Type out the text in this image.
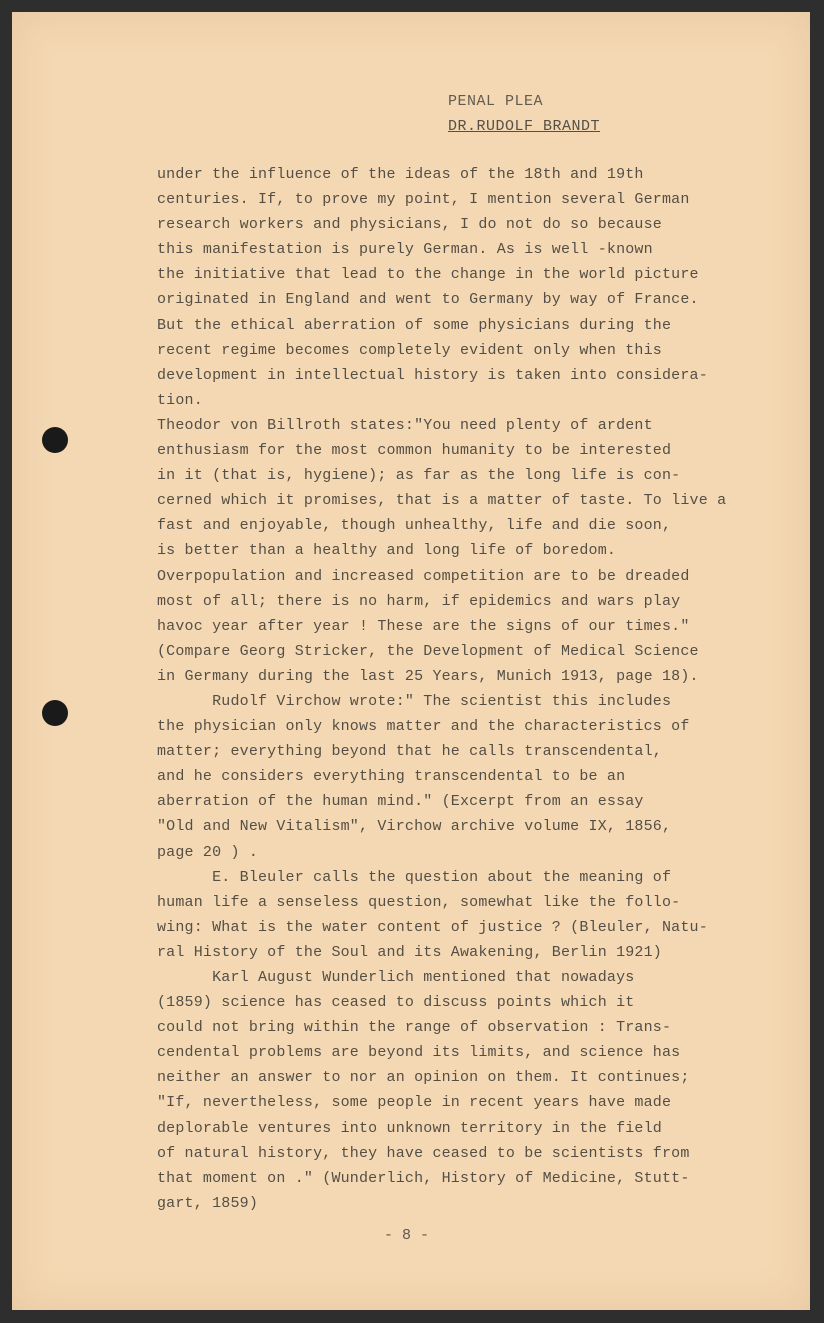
PENAL PLEA
DR.RUDOLF BRANDT
under the influence of the ideas of the 18th and 19th
centuries. If, to prove my point, I mention several German
research workers and physicians, I do not do so because
this manifestation is purely German. As is well -known
the initiative that lead to the change in the world picture
originated in England and went to Germany by way of France.
But the ethical aberration of some physicians during the
recent regime becomes completely evident only when this
development in intellectual history is taken into considera-
tion.
Theodor von Billroth states:"You need plenty of ardent
enthusiasm for the most common humanity to be interested
in it (that is, hygiene); as far as the long life is con-
cerned which it promises, that is a matter of taste. To live a
fast and enjoyable, though unhealthy, life and die soon,
is better than a healthy and long life of boredom.
Overpopulation and increased competition are to be dreaded
most of all; there is no harm, if epidemics and wars play
havoc year after year ! These are the signs of our times."
(Compare Georg Stricker, the Development of Medical Science
in Germany during the last 25 Years, Munich 1913, page 18).
Rudolf Virchow wrote:" The scientist this includes
the physician only knows matter and the characteristics of
matter; everything beyond that he calls transcendental,
and he considers everything transcendental to be an
aberration of the human mind." (Excerpt from an essay
"Old and New Vitalism", Virchow archive volume IX, 1856,
page 20 ) .
E. Bleuler calls the question about the meaning of
human life a senseless question, somewhat like the follo-
wing: What is the water content of justice ? (Bleuler, Natu-
ral History of the Soul and its Awakening, Berlin 1921)
Karl August Wunderlich mentioned that nowadays
(1859) science has ceased to discuss points which it
could not bring within the range of observation : Trans-
cendental problems are beyond its limits, and science has
neither an answer to nor an opinion on them. It continues;
"If, nevertheless, some people in recent years have made
deplorable ventures into unknown territory in the field
of natural history, they have ceased to be scientists from
that moment on ." (Wunderlich, History of Medicine, Stutt-
gart, 1859)
- 8 -
